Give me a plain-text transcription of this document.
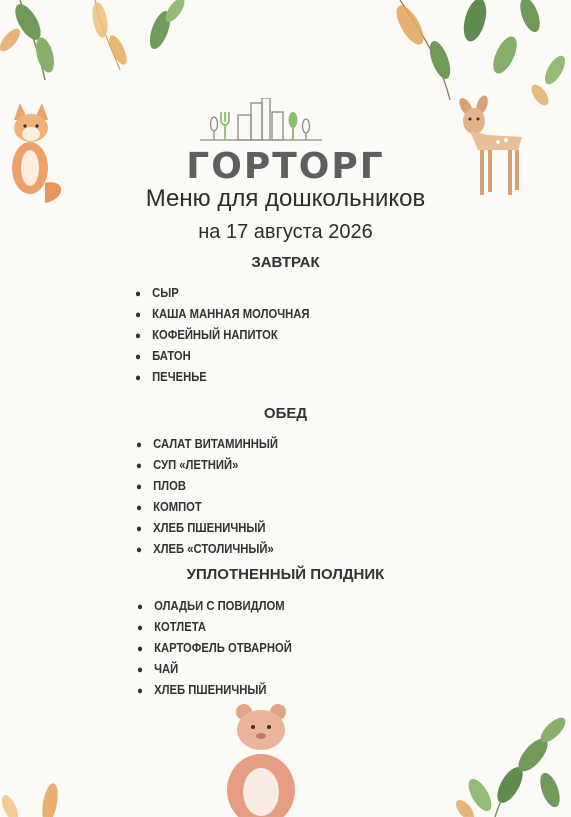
ГОРТОРГ
Меню для дошкольников
на 17 августа 2026
ЗАВТРАК
● СЫР
● КАША МАННАЯ МОЛОЧНАЯ
● КОФЕЙНЫЙ НАПИТОК
● БАТОН
● ПЕЧЕНЬЕ
ОБЕД
● САЛАТ ВИТАМИННЫЙ
● СУП «ЛЕТНИЙ»
● ПЛОВ
● КОМПОТ
● ХЛЕБ ПШЕНИЧНЫЙ
● ХЛЕБ «СТОЛИЧНЫЙ»
УПЛОТНЕННЫЙ ПОЛДНИК
● ОЛАДЬИ С ПОВИДЛОМ
● КОТЛЕТА
● КАРТОФЕЛЬ ОТВАРНОЙ
● ЧАЙ
● ХЛЕБ ПШЕНИЧНЫЙ
